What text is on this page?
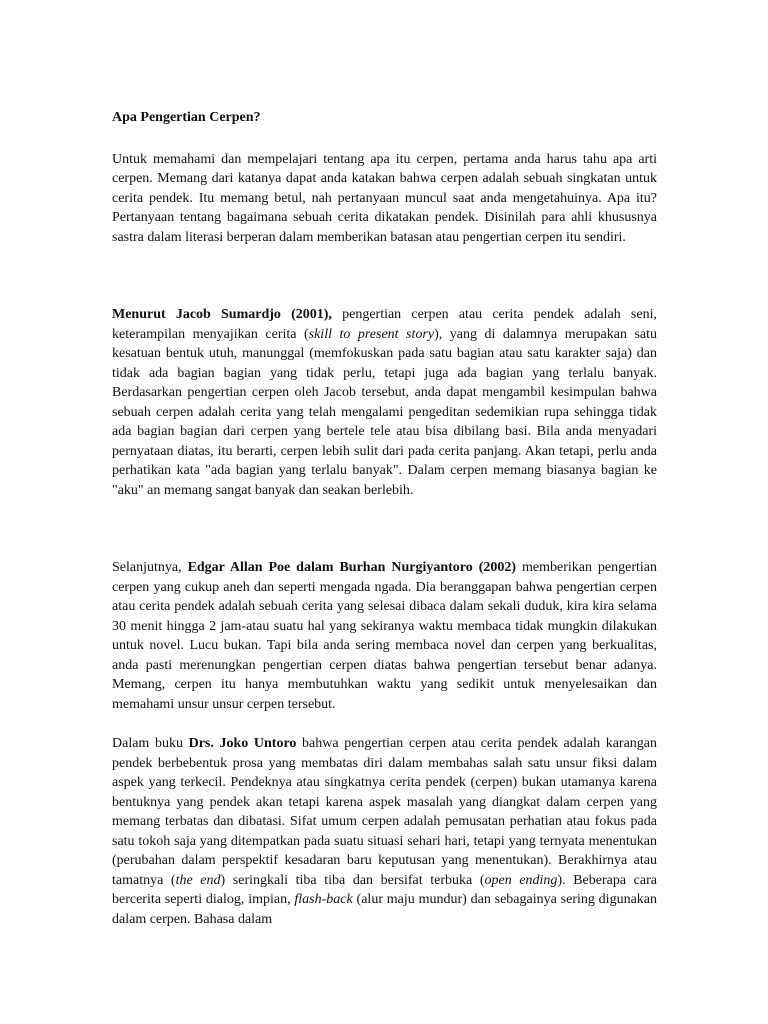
Apa Pengertian Cerpen?

Untuk memahami dan mempelajari tentang apa itu cerpen, pertama anda harus tahu apa arti cerpen. Memang dari katanya dapat anda katakan bahwa cerpen adalah sebuah singkatan untuk cerita pendek. Itu memang betul, nah pertanyaan muncul saat anda mengetahuinya. Apa itu? Pertanyaan tentang bagaimana sebuah cerita dikatakan pendek. Disinilah para ahli khususnya sastra dalam literasi berperan dalam memberikan batasan atau pengertian cerpen itu sendiri.

Menurut Jacob Sumardjo (2001), pengertian cerpen atau cerita pendek adalah seni, keterampilan menyajikan cerita (skill to present story), yang di dalamnya merupakan satu kesatuan bentuk utuh, manunggal (memfokuskan pada satu bagian atau satu karakter saja) dan tidak ada bagian bagian yang tidak perlu, tetapi juga ada bagian yang terlalu banyak. Berdasarkan pengertian cerpen oleh Jacob tersebut, anda dapat mengambil kesimpulan bahwa sebuah cerpen adalah cerita yang telah mengalami pengeditan sedemikian rupa sehingga tidak ada bagian bagian dari cerpen yang bertele tele atau bisa dibilang basi. Bila anda menyadari pernyataan diatas, itu berarti, cerpen lebih sulit dari pada cerita panjang. Akan tetapi, perlu anda perhatikan kata "ada bagian yang terlalu banyak". Dalam cerpen memang biasanya bagian ke "aku" an memang sangat banyak dan seakan berlebih.

Selanjutnya, Edgar Allan Poe dalam Burhan Nurgiyantoro (2002) memberikan pengertian cerpen yang cukup aneh dan seperti mengada ngada. Dia beranggapan bahwa pengertian cerpen atau cerita pendek adalah sebuah cerita yang selesai dibaca dalam sekali duduk, kira kira selama 30 menit hingga 2 jam-atau suatu hal yang sekiranya waktu membaca tidak mungkin dilakukan untuk novel. Lucu bukan. Tapi bila anda sering membaca novel dan cerpen yang berkualitas, anda pasti merenungkan pengertian cerpen diatas bahwa pengertian tersebut benar adanya. Memang, cerpen itu hanya membutuhkan waktu yang sedikit untuk menyelesaikan dan memahami unsur unsur cerpen tersebut.

Dalam buku Drs. Joko Untoro bahwa pengertian cerpen atau cerita pendek adalah karangan pendek berbebentuk prosa yang membatas diri dalam membahas salah satu unsur fiksi dalam aspek yang terkecil. Pendeknya atau singkatnya cerita pendek (cerpen) bukan utamanya karena bentuknya yang pendek akan tetapi karena aspek masalah yang diangkat dalam cerpen yang memang terbatas dan dibatasi. Sifat umum cerpen adalah pemusatan perhatian atau fokus pada satu tokoh saja yang ditempatkan pada suatu situasi sehari hari, tetapi yang ternyata menentukan (perubahan dalam perspektif kesadaran baru keputusan yang menentukan). Berakhirnya atau tamatnya (the end) seringkali tiba tiba dan bersifat terbuka (open ending). Beberapa cara bercerita seperti dialog, impian, flash-back (alur maju mundur) dan sebagainya sering digunakan dalam cerpen. Bahasa dalam
